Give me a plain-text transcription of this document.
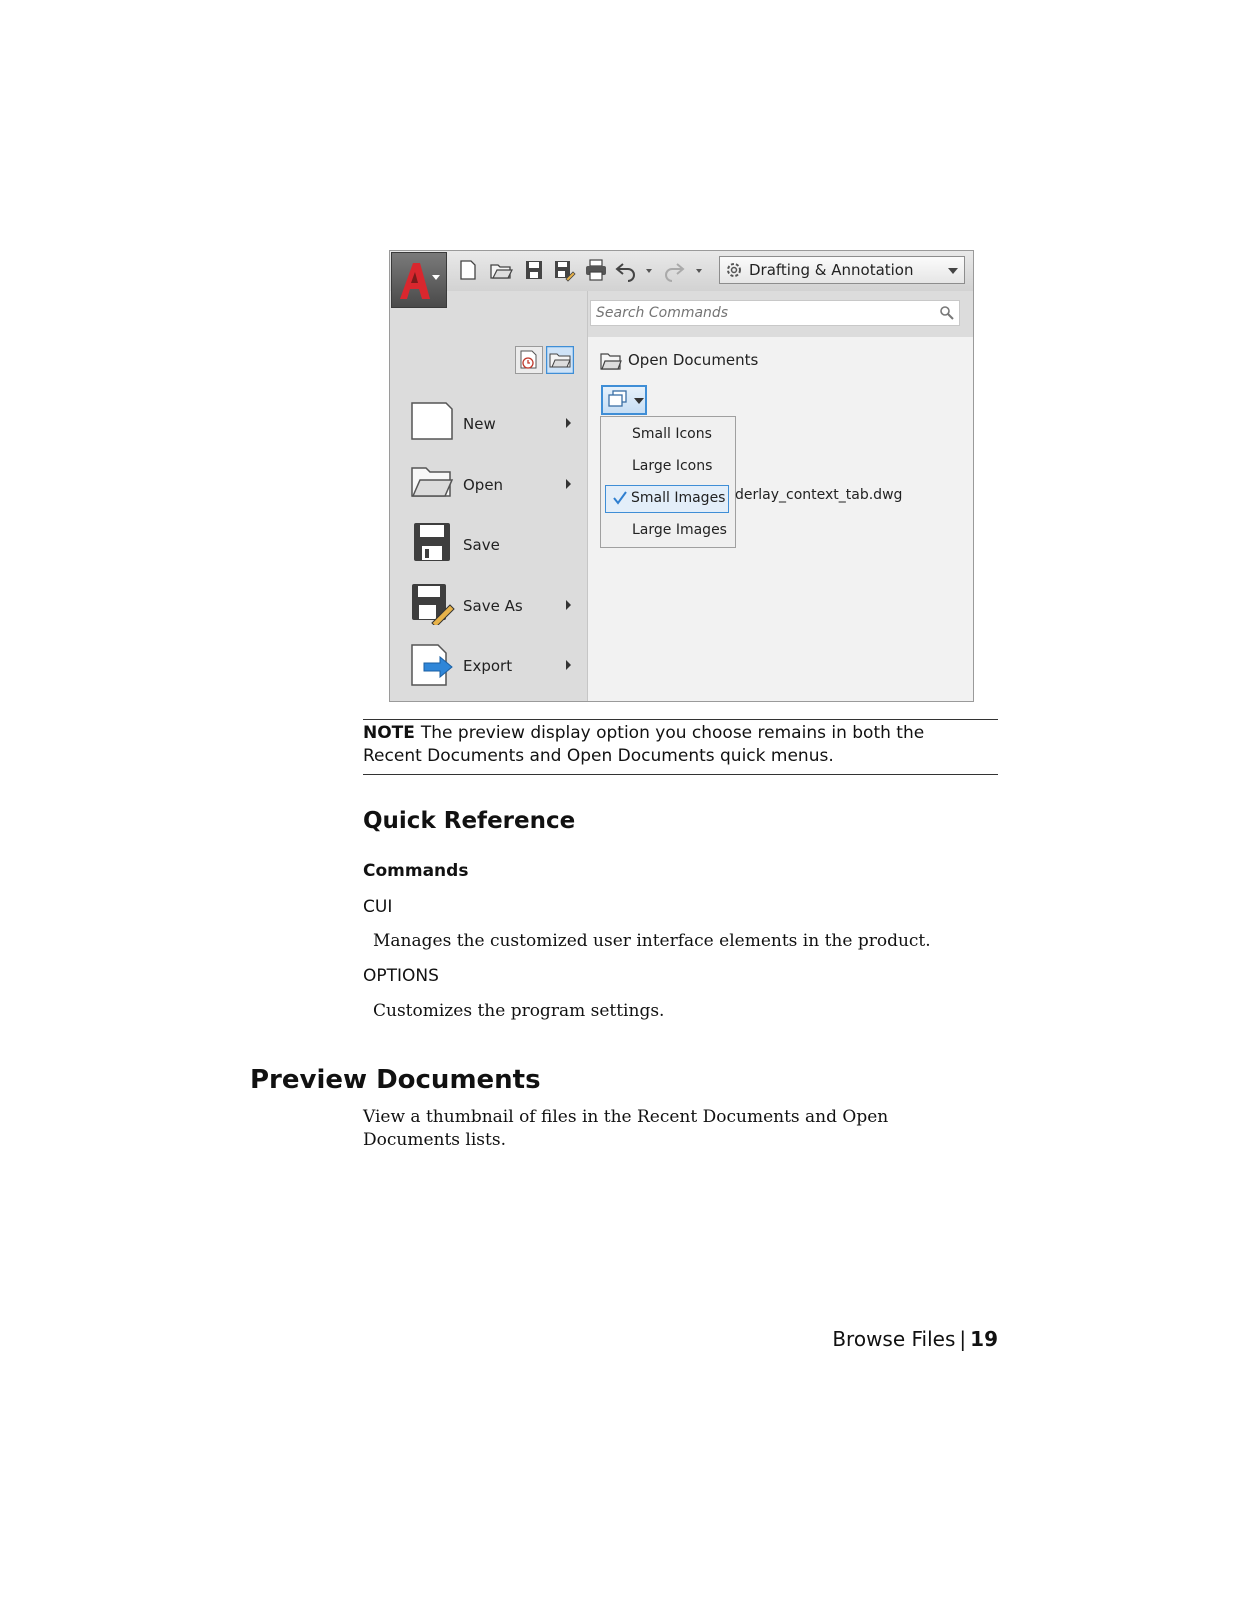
Drafting & Annotation
Search Commands
New
Open
Save
Save As
Export
Open Documents
Small Icons
Large Icons
Small Images
Large Images
derlay_context_tab.dwg
NOTE The preview display option you choose remains in both the Recent Documents and Open Documents quick menus.
Quick Reference
Commands
CUI
Manages the customized user interface elements in the product.
OPTIONS
Customizes the program settings.
Preview Documents
View a thumbnail of files in the Recent Documents and Open Documents lists.
Browse Files | 19
